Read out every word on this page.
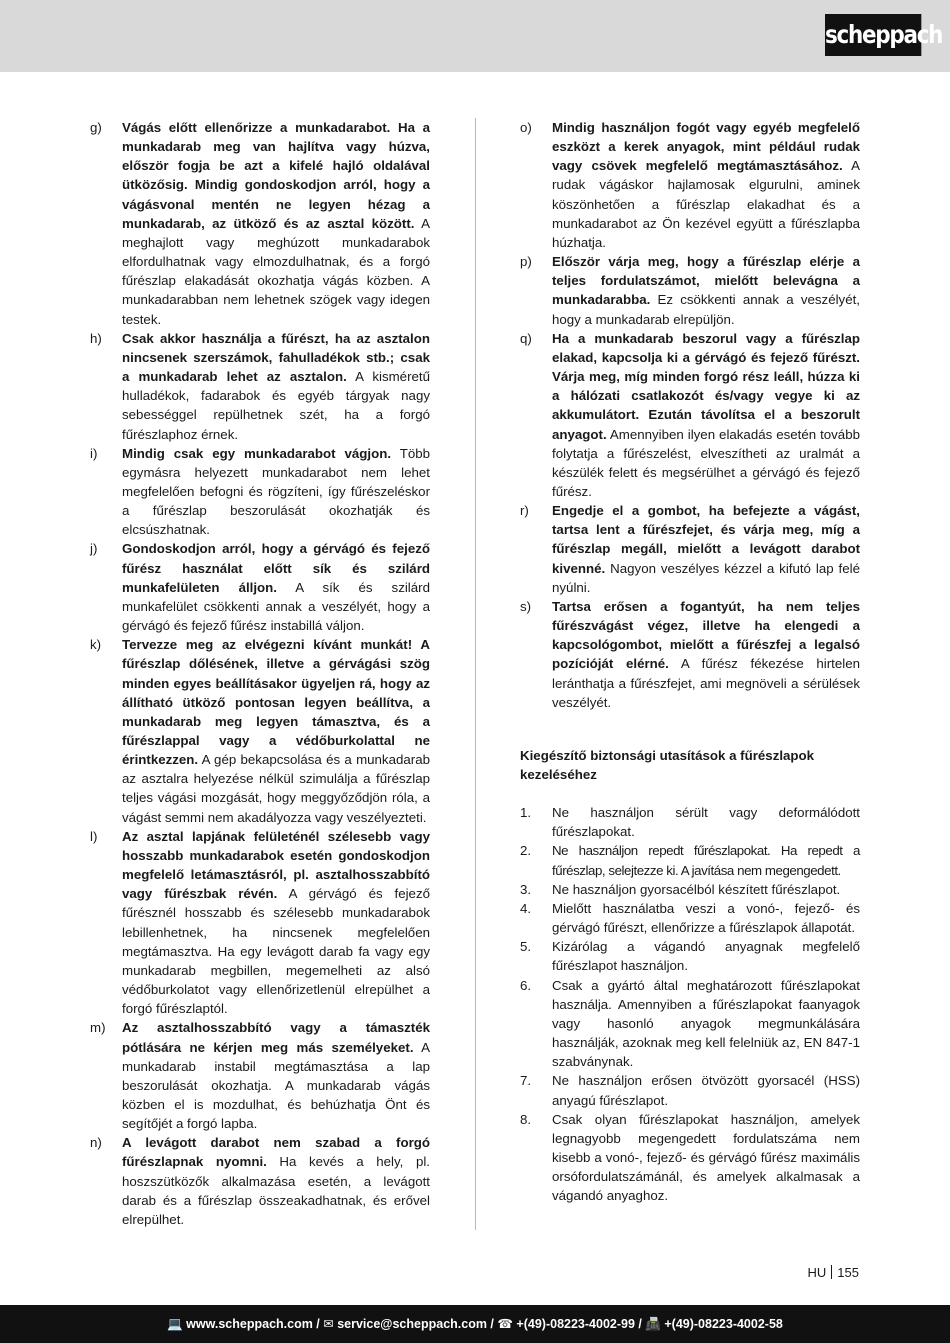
scheppach
g)	Vágás előtt ellenőrizze a munkadarabot. Ha a munkadarab meg van hajlítva vagy húzva, először fogja be azt a kifelé hajló oldalával ütközősig. Mindig gondoskodjon arról, hogy a vágásvonal mentén ne legyen hézag a munkadarab, az ütköző és az asztal között. A meghajlott vagy meghúzott munkadarabok elfordulhatnak vagy elmozdulhatnak, és a forgó fűrészlap elakadását okozhatja vágás közben. A munkadarabban nem lehetnek szögek vagy idegen testek.
h)	Csak akkor használja a fűrészt, ha az asztalon nincsenek szerszámok, fahulladékok stb.; csak a munkadarab lehet az asztalon. A kisméretű hulladékok, fadarabok és egyéb tárgyak nagy sebességgel repülhetnek szét, ha a forgó fűrészlaphoz érnek.
i)	Mindig csak egy munkadarabot vágjon. Több egymásra helyezett munkadarabot nem lehet megfelelően befogni és rögzíteni, így fűrészeléskor a fűrészlap beszorulását okozhatják és elcsúszhatnak.
j)	Gondoskodjon arról, hogy a gérvágó és fejező fűrész használat előtt sík és szilárd munkafelületen álljon. A sík és szilárd munkafelület csökkenti annak a veszélyét, hogy a gérvágó és fejező fűrész instabillá váljon.
k)	Tervezze meg az elvégezni kívánt munkát! A fűrészlap dőlésének, illetve a gérvágási szög minden egyes beállításakor ügyeljen rá, hogy az állítható ütköző pontosan legyen beállítva, a munkadarab meg legyen támasztva, és a fűrészlappal vagy a védőburkolattal ne érintkezzen. A gép bekapcsolása és a munkadarab az asztalra helyezése nélkül szimulálja a fűrészlap teljes vágási mozgását, hogy meggyőződjön róla, a vágást semmi nem akadályozza vagy veszélyezteti.
l)	Az asztal lapjának felületénél szélesebb vagy hosszabb munkadarabok esetén gondoskodjon megfelelő letámasztásról, pl. asztalhosszabbító vagy fűrészbak révén. A gérvágó és fejező fűrésznél hosszabb és szélesebb munkadarabok lebillenhetnek, ha nincsenek megfelelően megtámasztva. Ha egy levágott darab fa vagy egy munkadarab megbillen, megemelheti az alsó védőburkolatot vagy ellenőrizetlenül elrepülhet a forgó fűrészlaptól.
m)	Az asztalhosszabbító vagy a támaszték pótlására ne kérjen meg más személyeket. A munkadarab instabil megtámasztása a lap beszorulását okozhatja. A munkadarab vágás közben el is mozdulhat, és behúzhatja Önt és segítőjét a forgó lapba.
n)	A levágott darabot nem szabad a forgó fűrészlapnak nyomni. Ha kevés a hely, pl. hoszszütközők alkalmazása esetén, a levágott darab és a fűrészlap összeakadhatnak, és erővel elrepülhet.
o)	Mindig használjon fogót vagy egyéb megfelelő eszközt a kerek anyagok, mint például rudak vagy csövek megfelelő megtámasztásához. A rudak vágáskor hajlamosak elgurulni, aminek köszönhetően a fűrészlap elakadhat és a munkadarabot az Ön kezével együtt a fűrészlapba húzhatja.
p)	Először várja meg, hogy a fűrészlap elérje a teljes fordulatszámot, mielőtt belevágna a munkadarabba. Ez csökkenti annak a veszélyét, hogy a munkadarab elrepüljön.
q)	Ha a munkadarab beszorul vagy a fűrészlap elakad, kapcsolja ki a gérvágó és fejező fűrészt. Várja meg, míg minden forgó rész leáll, húzza ki a hálózati csatlakozót és/vagy vegye ki az akkumulátort. Ezután távolítsa el a beszorult anyagot. Amennyiben ilyen elakadás esetén tovább folytatja a fűrészelést, elveszítheti az uralmát a készülék felett és megsérülhet a gérvágó és fejező fűrész.
r)	Engedje el a gombot, ha befejezte a vágást, tartsa lent a fűrészfejet, és várja meg, míg a fűrészlap megáll, mielőtt a levágott darabot kivenné. Nagyon veszélyes kézzel a kifutó lap felé nyúlni.
s)	Tartsa erősen a fogantyút, ha nem teljes fűrészvágást végez, illetve ha elengedi a kapcsológombot, mielőtt a fűrészfej a legalsó pozícióját elérné. A fűrész fékezése hirtelen leránthatja a fűrészfejet, ami megnöveli a sérülések veszélyét.
Kiegészítő biztonsági utasítások a fűrészlapok kezeléséhez
1.	Ne használjon sérült vagy deformálódott fűrészlapokat.
2.	Ne használjon repedt fűrészlapokat. Ha repedt a fűrészlap, selejtezze ki. A javítása nem megengedett.
3.	Ne használjon gyorsacélból készített fűrészlapot.
4.	Mielőtt használatba veszi a vonó-, fejező- és gérvágó fűrészt, ellenőrizze a fűrészlapok állapotát.
5.	Kizárólag a vágandó anyagnak megfelelő fűrészlapot használjon.
6.	Csak a gyártó által meghatározott fűrészlapokat használja. Amennyiben a fűrészlapokat faanyagok vagy hasonló anyagok megmunkálására használják, azoknak meg kell felelniük az, EN 847-1 szabványnak.
7.	Ne használjon erősen ötvözött gyorsacél (HSS) anyagú fűrészlapot.
8.	Csak olyan fűrészlapokat használjon, amelyek legnagyobb megengedett fordulatszáma nem kisebb a vonó-, fejező- és gérvágó fűrész maximális orsófordulatszámánál, és amelyek alkalmasak a vágandó anyaghoz.
HU 155
💻 www.scheppach.com / ✉ service@scheppach.com / ☎ +(49)-08223-4002-99 / 📠 +(49)-08223-4002-58
